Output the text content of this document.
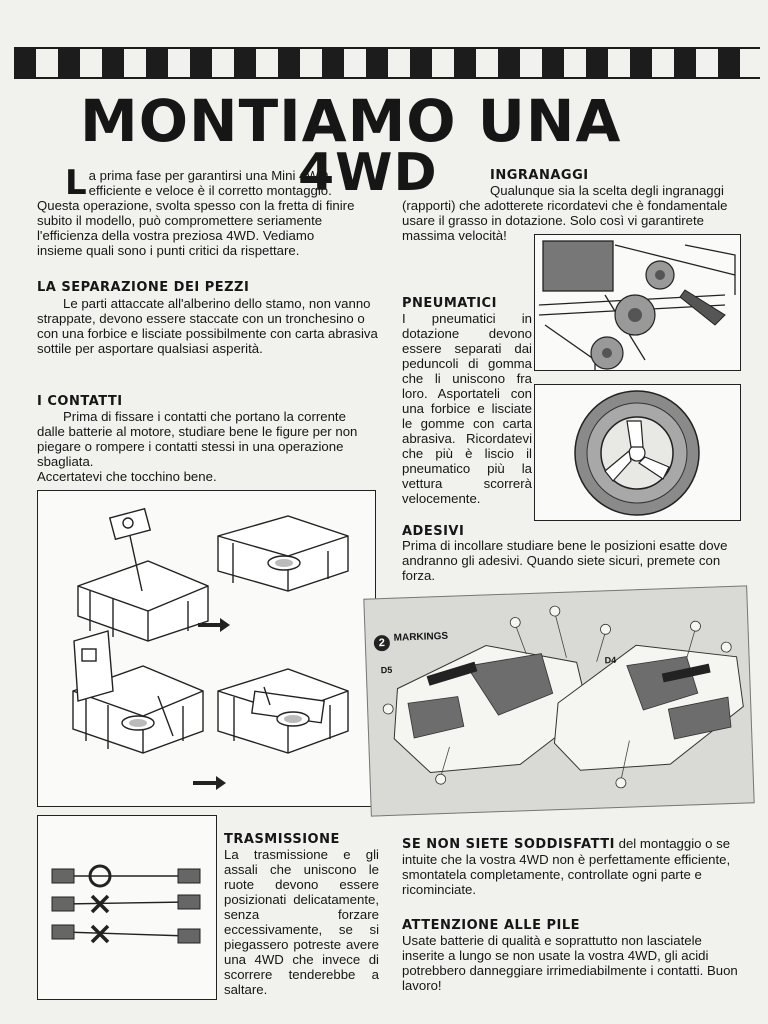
MONTIAMO UNA
4WD
La prima fase per garantirsi una Mini 4WD efficiente e veloce è il corretto montaggio. Questa operazione, svolta spesso con la fretta di finire subito il modello, può compromettere seriamente l'efficienza della vostra preziosa 4WD. Vediamo insieme quali sono i punti critici da rispettare.
LA SEPARAZIONE DEI PEZZI
Le parti attaccate all'alberino dello stamo, non vanno strappate, devono essere staccate con un tronchesino o con una forbice e lisciate possibilmente con carta abrasiva sottile per asportare qualsiasi asperità.
I CONTATTI
Prima di fissare i contatti che portano la corrente dalle batterie al motore, studiare bene le figure per non piegare o rompere i contatti stessi in una operazione sbagliata.
Accertatevi che tocchino bene.
INGRANAGGI
Qualunque sia la scelta degli ingranaggi (rapporti) che adotterete ricordatevi che è fondamentale usare il grasso in dotazione. Solo così vi garantirete massima velocità!
PNEUMATICI
I pneumatici in dotazione devono essere separati dai peduncoli di gomma che li uniscono fra loro. Asportateli con una forbice e lisciate le gomme con carta abrasiva. Ricordatevi che più è liscio il pneumatico più la vettura scorrerà velocemente.
ADESIVI
Prima di incollare studiare bene le posizioni esatte dove andranno gli adesivi. Quando siete sicuri, premete con forza.
2 MARKINGS
D5
D4
TRASMISSIONE
La trasmissione e gli assali che uniscono le ruote devono essere posizionati delicatamente, senza forzare eccessivamente, se si piegassero potreste avere una 4WD che invece di scorrere tenderebbe a saltare.
SE NON SIETE SODDISFATTI del montaggio o se intuite che la vostra 4WD non è perfettamente efficiente, smontatela completamente, controllate ogni parte e ricominciate.
ATTENZIONE ALLE PILE
Usate batterie di qualità e soprattutto non lasciatele inserite a lungo se non usate la vostra 4WD, gli acidi potrebbero danneggiare irrimediabilmente i contatti. Buon lavoro!
